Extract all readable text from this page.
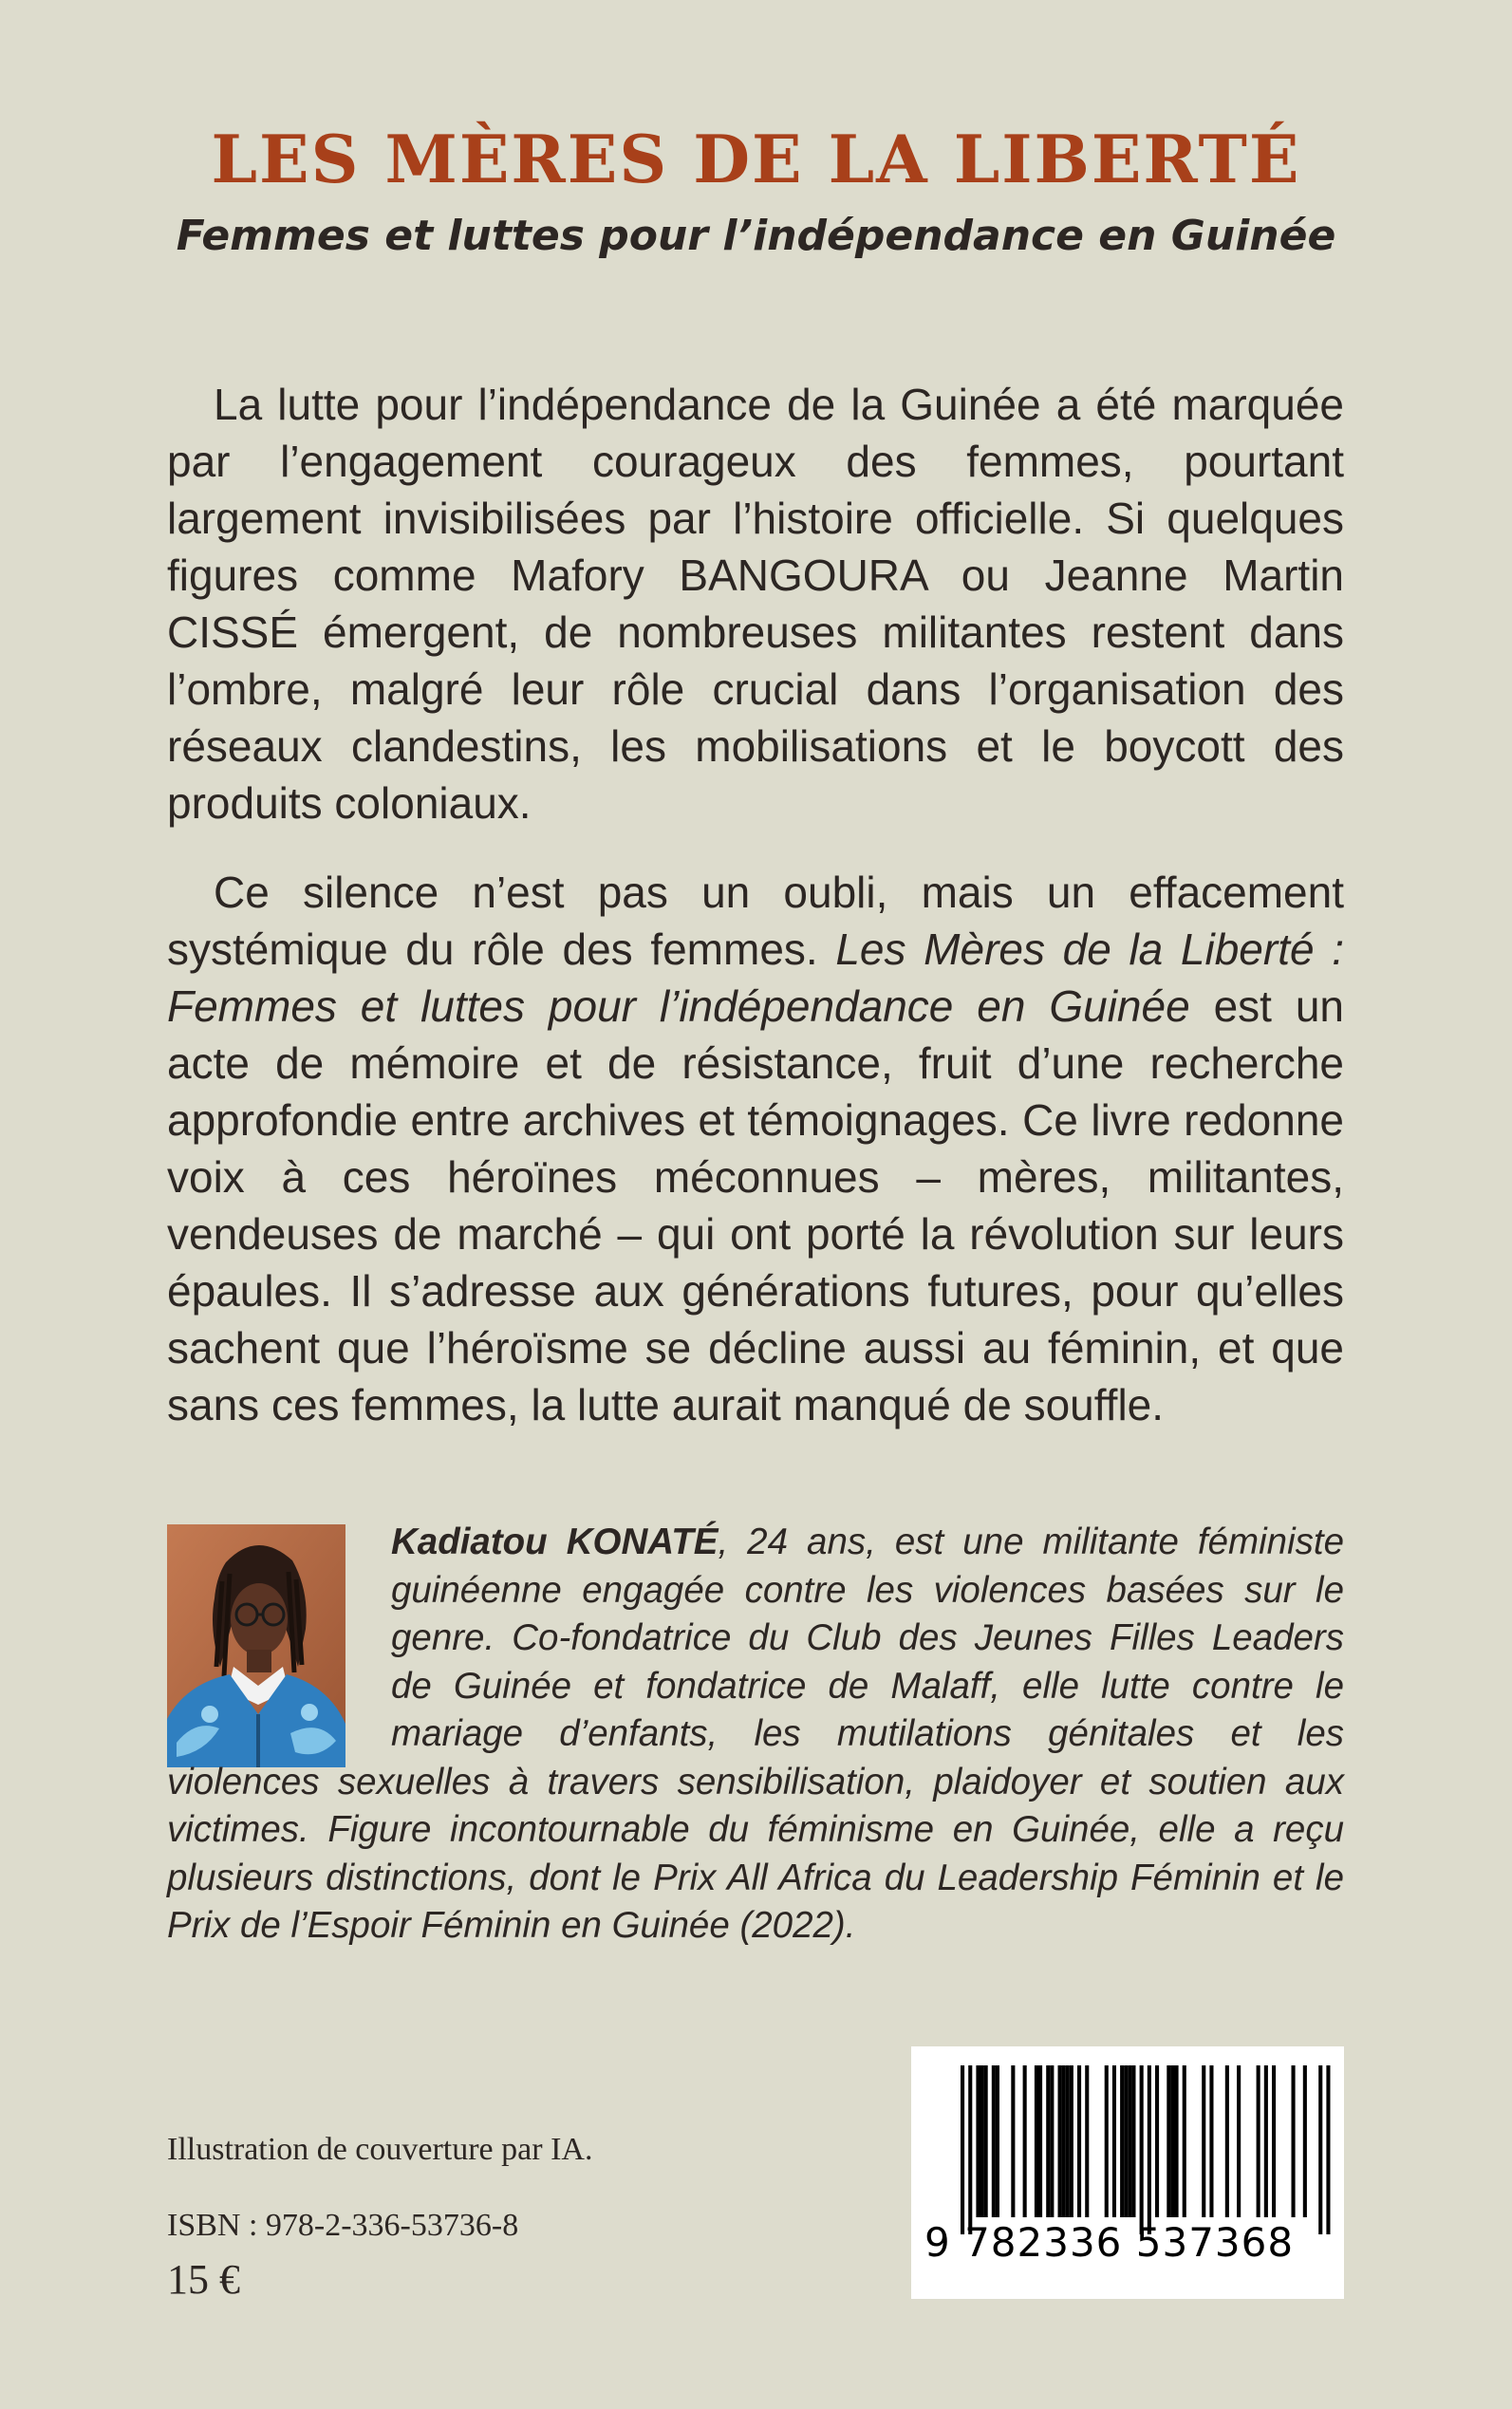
LES MÈRES DE LA LIBERTÉ
Femmes et luttes pour l’indépendance en Guinée

La lutte pour l’indépendance de la Guinée a été marquée par l’engagement courageux des femmes, pourtant largement invisibilisées par l’histoire officielle. Si quelques figures comme Mafory BANGOURA ou Jeanne Martin CISSÉ émergent, de nombreuses militantes restent dans l’ombre, malgré leur rôle crucial dans l’organisation des réseaux clandestins, les mobilisations et le boycott des produits coloniaux.

Ce silence n’est pas un oubli, mais un effacement systémique du rôle des femmes. Les Mères de la Liberté : Femmes et luttes pour l’indépendance en Guinée est un acte de mémoire et de résistance, fruit d’une recherche approfondie entre archives et témoignages. Ce livre redonne voix à ces héroïnes méconnues – mères, militantes, vendeuses de marché – qui ont porté la révolution sur leurs épaules. Il s’adresse aux générations futures, pour qu’elles sachent que l’héroïsme se décline aussi au féminin, et que sans ces femmes, la lutte aurait manqué de souffle.

Kadiatou KONATÉ, 24 ans, est une militante féministe guinéenne engagée contre les violences basées sur le genre. Co-fondatrice du Club des Jeunes Filles Leaders de Guinée et fondatrice de Malaff, elle lutte contre le mariage d’enfants, les mutilations génitales et les violences sexuelles à travers sensibilisation, plaidoyer et soutien aux victimes. Figure incontournable du féminisme en Guinée, elle a reçu plusieurs distinctions, dont le Prix All Africa du Leadership Féminin et le Prix de l’Espoir Féminin en Guinée (2022).

Illustration de couverture par IA.

ISBN : 978-2-336-53736-8

15 €

9 782336 537368
